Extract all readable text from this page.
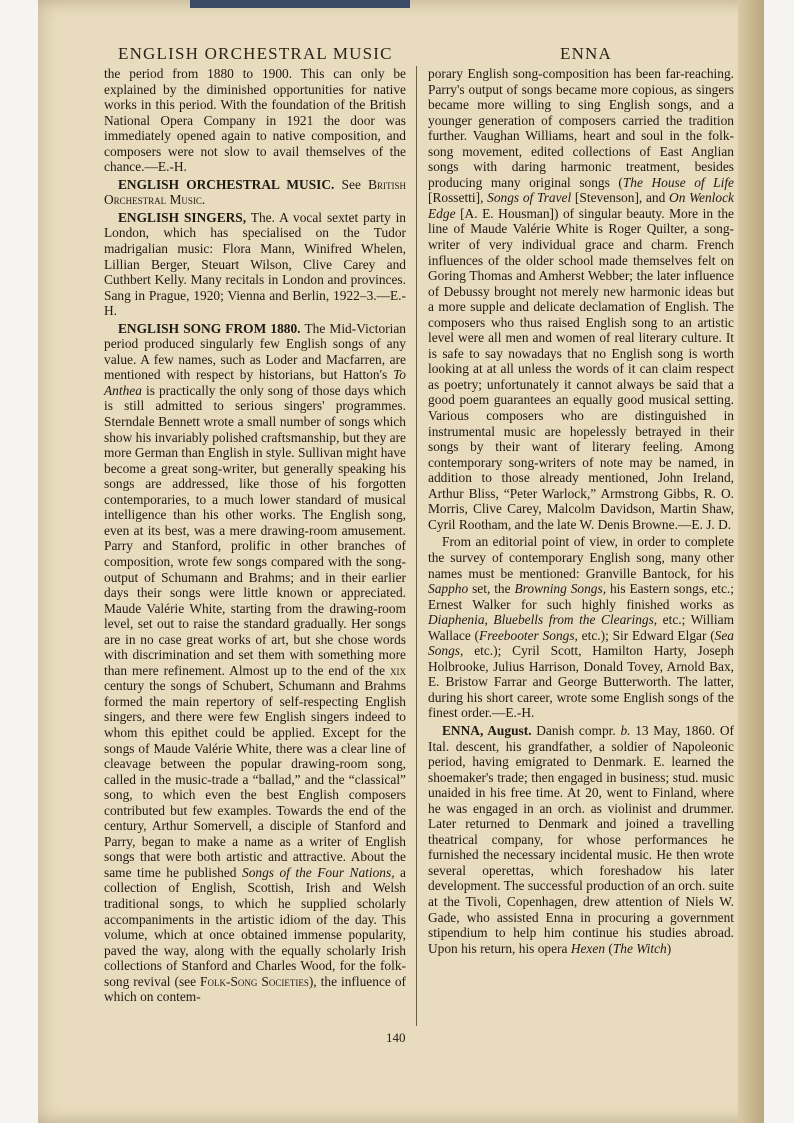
ENGLISH ORCHESTRAL MUSIC	ENNA

the period from 1880 to 1900. This can only be explained by the diminished opportunities for native works in this period. With the foundation of the British National Opera Company in 1921 the door was immediately opened again to native composition, and composers were not slow to avail themselves of the chance.—E.-H.

ENGLISH ORCHESTRAL MUSIC. See British Orchestral Music.

ENGLISH SINGERS, The. A vocal sextet party in London, which has specialised on the Tudor madrigalian music: Flora Mann, Winifred Whelen, Lillian Berger, Steuart Wilson, Clive Carey and Cuthbert Kelly. Many recitals in London and provinces. Sang in Prague, 1920; Vienna and Berlin, 1922–3.—E.-H.

ENGLISH SONG FROM 1880. The Mid-Victorian period produced singularly few English songs of any value. A few names, such as Loder and Macfarren, are mentioned with respect by historians, but Hatton's To Anthea is practically the only song of those days which is still admitted to serious singers' programmes. Sterndale Bennett wrote a small number of songs which show his invariably polished craftsmanship, but they are more German than English in style. Sullivan might have become a great song-writer, but generally speaking his songs are addressed, like those of his forgotten contemporaries, to a much lower standard of musical intelligence than his other works. The English song, even at its best, was a mere drawing-room amusement. Parry and Stanford, prolific in other branches of composition, wrote few songs compared with the song-output of Schumann and Brahms; and in their earlier days their songs were little known or appreciated. Maude Valérie White, starting from the drawing-room level, set out to raise the standard gradually. Her songs are in no case great works of art, but she chose words with discrimination and set them with something more than mere refinement. Almost up to the end of the xix century the songs of Schubert, Schumann and Brahms formed the main repertory of self-respecting English singers, and there were few English singers indeed to whom this epithet could be applied. Except for the songs of Maude Valérie White, there was a clear line of cleavage between the popular drawing-room song, called in the music-trade a “ballad,” and the “classical” song, to which even the best English composers contributed but few examples. Towards the end of the century, Arthur Somervell, a disciple of Stanford and Parry, began to make a name as a writer of English songs that were both artistic and attractive. About the same time he published Songs of the Four Nations, a collection of English, Scottish, Irish and Welsh traditional songs, to which he supplied scholarly accompaniments in the artistic idiom of the day. This volume, which at once obtained immense popularity, paved the way, along with the equally scholarly Irish collections of Stanford and Charles Wood, for the folk-song revival (see Folk-Song Societies), the influence of which on contem-

porary English song-composition has been far-reaching. Parry's output of songs became more copious, as singers became more willing to sing English songs, and a younger generation of composers carried the tradition further. Vaughan Williams, heart and soul in the folk-song movement, edited collections of East Anglian songs with daring harmonic treatment, besides producing many original songs (The House of Life [Rossetti], Songs of Travel [Stevenson], and On Wenlock Edge [A. E. Housman]) of singular beauty. More in the line of Maude Valérie White is Roger Quilter, a song-writer of very individual grace and charm. French influences of the older school made themselves felt on Goring Thomas and Amherst Webber; the later influence of Debussy brought not merely new harmonic ideas but a more supple and delicate declamation of English. The composers who thus raised English song to an artistic level were all men and women of real literary culture. It is safe to say nowadays that no English song is worth looking at at all unless the words of it can claim respect as poetry; unfortunately it cannot always be said that a good poem guarantees an equally good musical setting. Various composers who are distinguished in instrumental music are hopelessly betrayed in their songs by their want of literary feeling. Among contemporary song-writers of note may be named, in addition to those already mentioned, John Ireland, Arthur Bliss, “Peter Warlock,” Armstrong Gibbs, R. O. Morris, Clive Carey, Malcolm Davidson, Martin Shaw, Cyril Rootham, and the late W. Denis Browne.—E. J. D.

From an editorial point of view, in order to complete the survey of contemporary English song, many other names must be mentioned: Granville Bantock, for his Sappho set, the Browning Songs, his Eastern songs, etc.; Ernest Walker for such highly finished works as Diaphenia, Bluebells from the Clearings, etc.; William Wallace (Freebooter Songs, etc.); Sir Edward Elgar (Sea Songs, etc.); Cyril Scott, Hamilton Harty, Joseph Holbrooke, Julius Harrison, Donald Tovey, Arnold Bax, E. Bristow Farrar and George Butterworth. The latter, during his short career, wrote some English songs of the finest order.—E.-H.

ENNA, August. Danish compr. b. 13 May, 1860. Of Ital. descent, his grandfather, a soldier of Napoleonic period, having emigrated to Denmark. E. learned the shoemaker's trade; then engaged in business; stud. music unaided in his free time. At 20, went to Finland, where he was engaged in an orch. as violinist and drummer. Later returned to Denmark and joined a travelling theatrical company, for whose performances he furnished the necessary incidental music. He then wrote several operettas, which foreshadow his later development. The successful production of an orch. suite at the Tivoli, Copenhagen, drew attention of Niels W. Gade, who assisted Enna in procuring a government stipendium to help him continue his studies abroad. Upon his return, his opera Hexen (The Witch)

140
